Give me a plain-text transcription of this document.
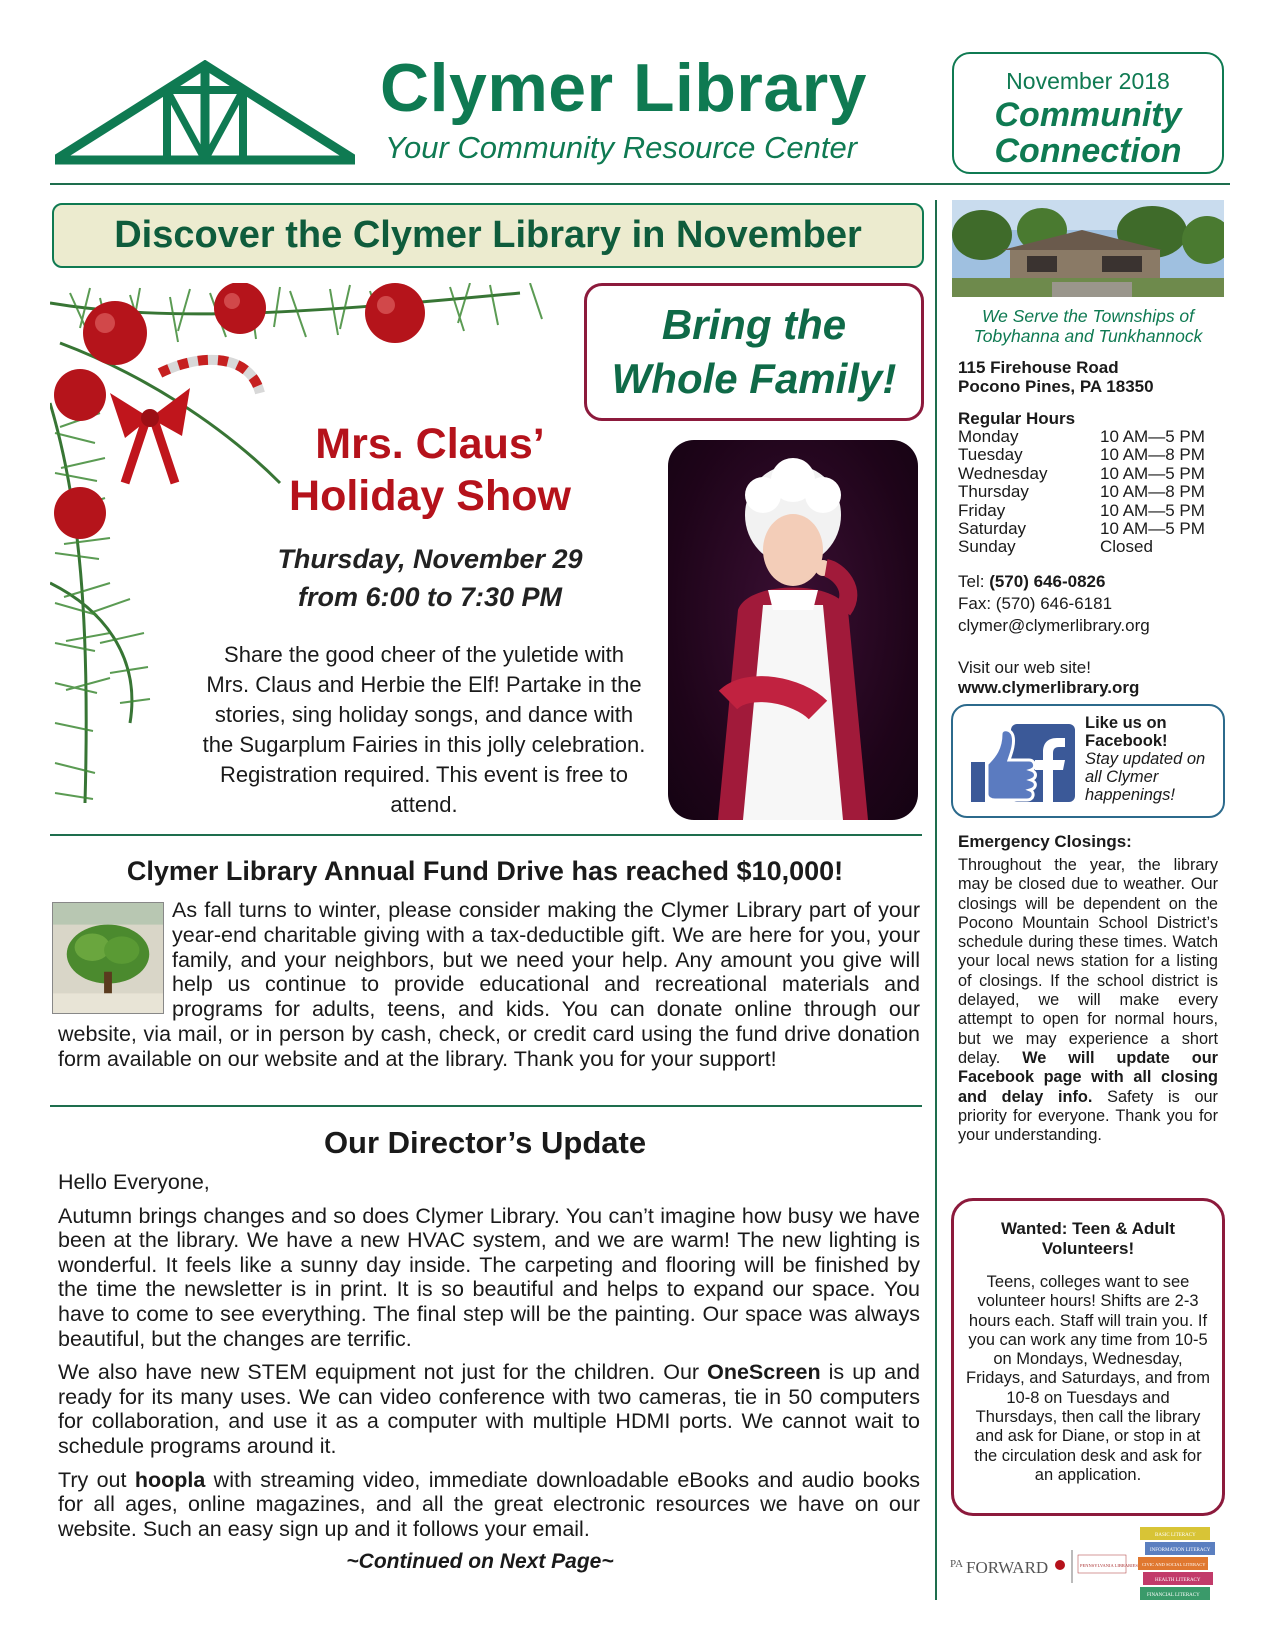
Clymer Library
Your Community Resource Center
November 2018
Community
Connection
Discover the Clymer Library in November
Bring the
Whole Family!
Mrs. Claus’
Holiday Show
Thursday, November 29
from 6:00 to 7:30 PM
Share the good cheer of the yuletide with Mrs. Claus and Herbie the Elf! Partake in the stories, sing holiday songs, and dance with the Sugarplum Fairies in this jolly celebration. Registration required. This event is free to attend.
Clymer Library Annual Fund Drive has reached $10,000!
As fall turns to winter, please consider making the Clymer Library part of your year-end charitable giving with a tax-deductible gift. We are here for you, your family, and your neighbors, but we need your help. Any amount you give will help us continue to provide educational and recreational materials and programs for adults, teens, and kids. You can donate online through our website, via mail, or in person by cash, check, or credit card using the fund drive donation form available on our website and at the library. Thank you for your support!
Our Director’s Update

Hello Everyone,

Autumn brings changes and so does Clymer Library. You can’t imagine how busy we have been at the library. We have a new HVAC system, and we are warm! The new lighting is wonderful. It feels like a sunny day inside. The carpeting and flooring will be finished by the time the newsletter is in print. It is so beautiful and helps to expand our space. You have to come to see everything. The final step will be the painting. Our space was always beautiful, but the changes are terrific.

We also have new STEM equipment not just for the children. Our OneScreen is up and ready for its many uses. We can video conference with two cameras, tie in 50 computers for collaboration, and use it as a computer with multiple HDMI ports. We cannot wait to schedule programs around it.

Try out hoopla with streaming video, immediate downloadable eBooks and audio books for all ages, online magazines, and all the great electronic resources we have on our website. Such an easy sign up and it follows your email.

~Continued on Next Page~
We Serve the Townships of
Tobyhanna and Tunkhannock
115 Firehouse Road
Pocono Pines, PA 18350
Regular Hours
Monday	10 AM—5 PM
Tuesday	10 AM—8 PM
Wednesday	10 AM—5 PM
Thursday	10 AM—8 PM
Friday	10 AM—5 PM
Saturday	10 AM—5 PM
Sunday	Closed
Tel: (570) 646-0826
Fax: (570) 646-6181
clymer@clymerlibrary.org
Visit our web site!
www.clymerlibrary.org
Like us on
Facebook!
Stay updated on all Clymer happenings!
Emergency Closings:
Throughout the year, the library may be closed due to weather. Our closings will be dependent on the Pocono Mountain School District’s schedule during these times. Watch your local news station for a listing of closings. If the school district is delayed, we will make every attempt to open for normal hours, but we may experience a short delay. We will update our Facebook page with all closing and delay info. Safety is our priority for everyone. Thank you for your understanding.
Wanted: Teen & Adult
Volunteers!
Teens, colleges want to see volunteer hours! Shifts are 2-3 hours each. Staff will train you. If you can work any time from 10-5 on Mondays, Wednesday, Fridays, and Saturdays, and from 10-8 on Tuesdays and Thursdays, then call the library and ask for Diane, or stop in at the circulation desk and ask for an application.
PA FORWARD	PENNSYLVANIA LIBRARIES
BASIC LITERACY
INFORMATION LITERACY
CIVIC AND SOCIAL LITERACY
HEALTH LITERACY
FINANCIAL LITERACY
